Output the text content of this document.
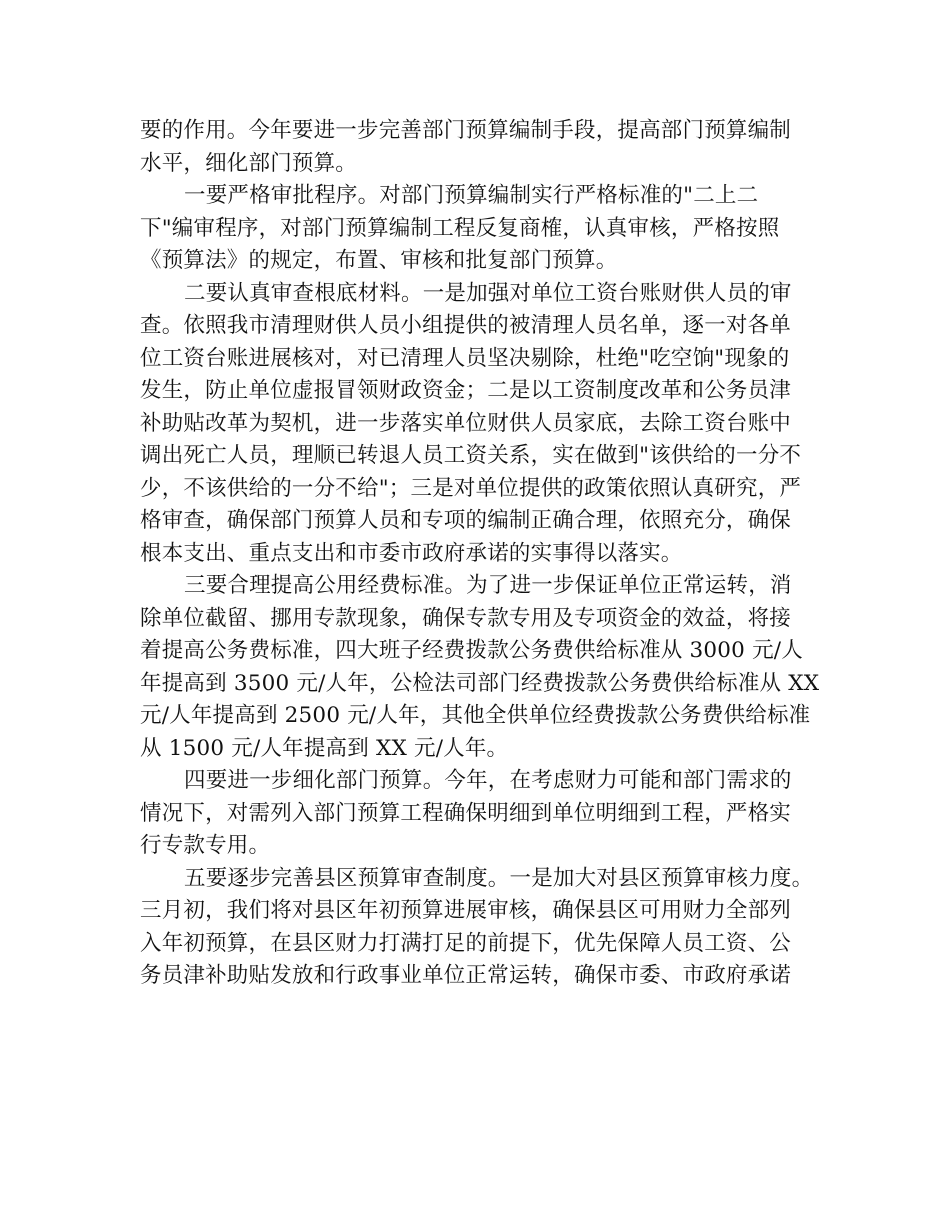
要的作用。今年要进一步完善部门预算编制手段，提高部门预算编制
水平，细化部门预算。
一要严格审批程序。对部门预算编制实行严格标准的"二上二
下"编审程序，对部门预算编制工程反复商榷，认真审核，严格按照
《预算法》的规定，布置、审核和批复部门预算。
二要认真审查根底材料。一是加强对单位工资台账财供人员的审
查。依照我市清理财供人员小组提供的被清理人员名单，逐一对各单
位工资台账进展核对，对已清理人员坚决剔除，杜绝"吃空饷"现象的
发生，防止单位虚报冒领财政资金；二是以工资制度改革和公务员津
补助贴改革为契机，进一步落实单位财供人员家底，去除工资台账中
调出死亡人员，理顺已转退人员工资关系，实在做到"该供给的一分不
少，不该供给的一分不给"；三是对单位提供的政策依照认真研究，严
格审查，确保部门预算人员和专项的编制正确合理，依照充分，确保
根本支出、重点支出和市委市政府承诺的实事得以落实。
三要合理提高公用经费标准。为了进一步保证单位正常运转，消
除单位截留、挪用专款现象，确保专款专用及专项资金的效益，将接
着提高公务费标准，四大班子经费拨款公务费供给标准从 3000 元/人
年提高到 3500 元/人年，公检法司部门经费拨款公务费供给标准从 XX
元/人年提高到 2500 元/人年，其他全供单位经费拨款公务费供给标准
从 1500 元/人年提高到 XX 元/人年。
四要进一步细化部门预算。今年，在考虑财力可能和部门需求的
情况下，对需列入部门预算工程确保明细到单位明细到工程，严格实
行专款专用。
五要逐步完善县区预算审查制度。一是加大对县区预算审核力度。
三月初，我们将对县区年初预算进展审核，确保县区可用财力全部列
入年初预算，在县区财力打满打足的前提下，优先保障人员工资、公
务员津补助贴发放和行政事业单位正常运转，确保市委、市政府承诺
